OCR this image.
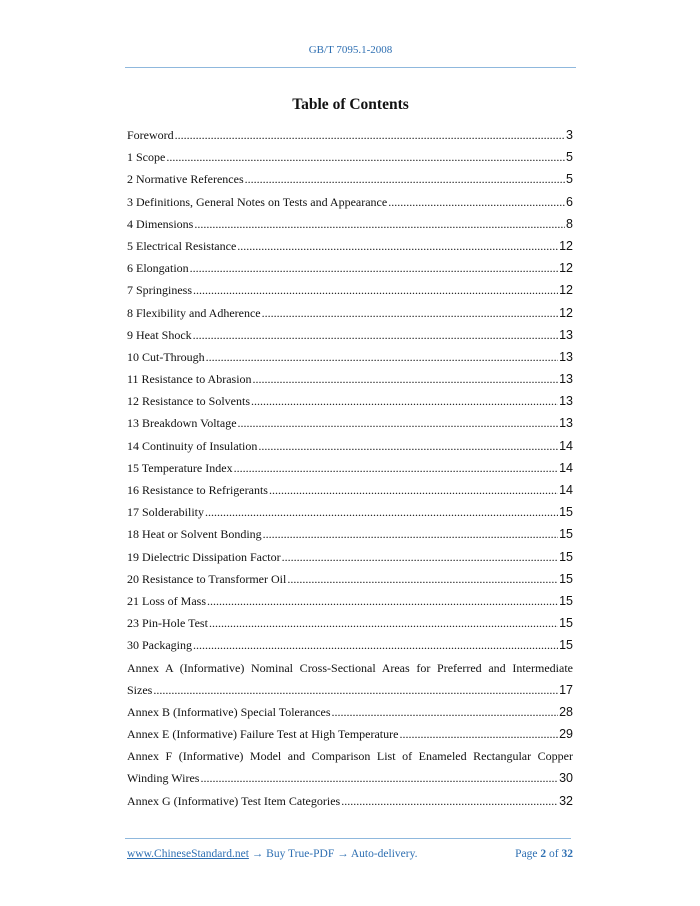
GB/T 7095.1-2008
Table of Contents
Foreword .....	3
1 Scope .....	5
2 Normative References .....	5
3 Definitions, General Notes on Tests and Appearance .....	6
4 Dimensions .....	8
5 Electrical Resistance .....	12
6 Elongation .....	12
7 Springiness .....	12
8 Flexibility and Adherence .....	12
9 Heat Shock .....	13
10 Cut-Through .....	13
11 Resistance to Abrasion .....	13
12 Resistance to Solvents .....	13
13 Breakdown Voltage .....	13
14 Continuity of Insulation .....	14
15 Temperature Index .....	14
16 Resistance to Refrigerants .....	14
17 Solderability .....	15
18 Heat or Solvent Bonding .....	15
19 Dielectric Dissipation Factor .....	15
20 Resistance to Transformer Oil .....	15
21 Loss of Mass .....	15
23 Pin-Hole Test .....	15
30 Packaging .....	15
Annex A (Informative) Nominal Cross-Sectional Areas for Preferred and Intermediate
Sizes .....	17
Annex B (Informative) Special Tolerances .....	28
Annex E (Informative) Failure Test at High Temperature .....	29
Annex F (Informative) Model and Comparison List of Enameled Rectangular Copper
Winding Wires .....	30
Annex G (Informative) Test Item Categories .....	32
www.ChineseStandard.net → Buy True-PDF → Auto-delivery.	Page 2 of 32
